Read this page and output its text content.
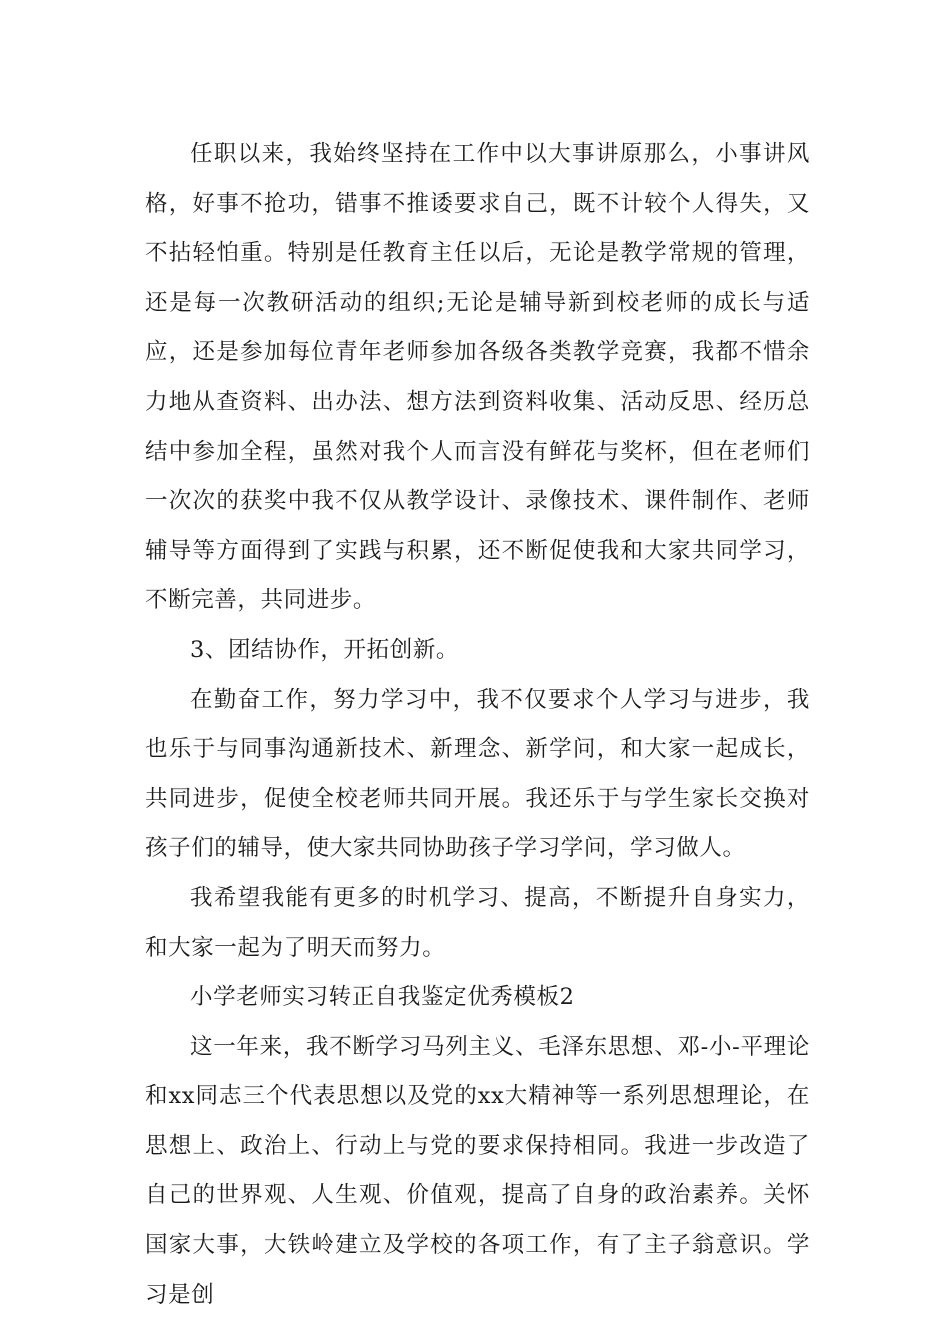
任职以来，我始终坚持在工作中以大事讲原那么，小事讲风格，好事不抢功，错事不推诿要求自己，既不计较个人得失，又不拈轻怕重。特别是任教育主任以后，无论是教学常规的管理，还是每一次教研活动的组织;无论是辅导新到校老师的成长与适应，还是参加每位青年老师参加各级各类教学竞赛，我都不惜余力地从查资料、出办法、想方法到资料收集、活动反思、经历总结中参加全程，虽然对我个人而言没有鲜花与奖杯，但在老师们一次次的获奖中我不仅从教学设计、录像技术、课件制作、老师辅导等方面得到了实践与积累，还不断促使我和大家共同学习，不断完善，共同进步。

3、团结协作，开拓创新。

在勤奋工作，努力学习中，我不仅要求个人学习与进步，我也乐于与同事沟通新技术、新理念、新学问，和大家一起成长，共同进步，促使全校老师共同开展。我还乐于与学生家长交换对孩子们的辅导，使大家共同协助孩子学习学问，学习做人。

我希望我能有更多的时机学习、提高，不断提升自身实力，和大家一起为了明天而努力。

小学老师实习转正自我鉴定优秀模板2

这一年来，我不断学习马列主义、毛泽东思想、邓-小-平理论和xx同志三个代表思想以及党的xx大精神等一系列思想理论，在思想上、政治上、行动上与党的要求保持相同。我进一步改造了自己的世界观、人生观、价值观，提高了自身的政治素养。关怀国家大事，大铁岭建立及学校的各项工作，有了主子翁意识。学习是创
